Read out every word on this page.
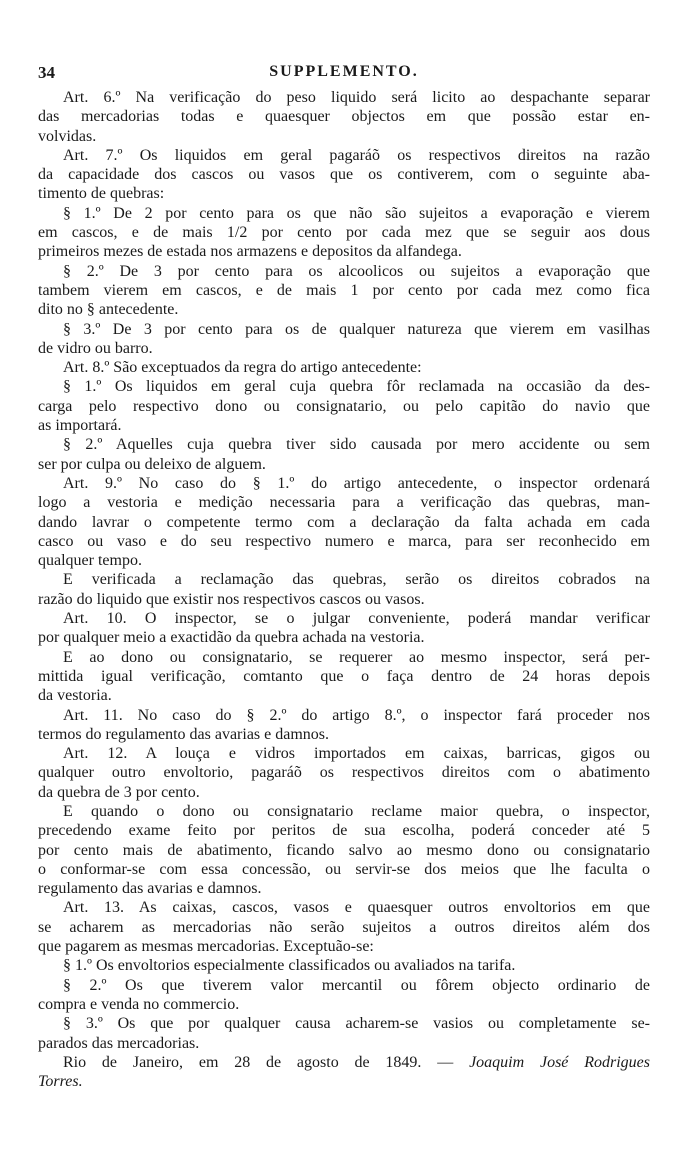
34	SUPPLEMENTO.
Art. 6.º Na verificação do peso liquido será licito ao despachante separar
das mercadorias todas e quaesquer objectos em que possão estar en-
volvidas.
Art. 7.º Os liquidos em geral pagaráõ os respectivos direitos na razão
da capacidade dos cascos ou vasos que os contiverem, com o seguinte aba-
timento de quebras:
§ 1.º De 2 por cento para os que não são sujeitos a evaporação e vierem
em cascos, e de mais 1/2 por cento por cada mez que se seguir aos dous
primeiros mezes de estada nos armazens e depositos da alfandega.
§ 2.º De 3 por cento para os alcoolicos ou sujeitos a evaporação que
tambem vierem em cascos, e de mais 1 por cento por cada mez como fica
dito no § antecedente.
§ 3.º De 3 por cento para os de qualquer natureza que vierem em vasilhas
de vidro ou barro.
Art. 8.º São exceptuados da regra do artigo antecedente:
§ 1.º Os liquidos em geral cuja quebra fôr reclamada na occasião da des-
carga pelo respectivo dono ou consignatario, ou pelo capitão do navio que
as importará.
§ 2.º Aquelles cuja quebra tiver sido causada por mero accidente ou sem
ser por culpa ou deleixo de alguem.
Art. 9.º No caso do § 1.º do artigo antecedente, o inspector ordenará
logo a vestoria e medição necessaria para a verificação das quebras, man-
dando lavrar o competente termo com a declaração da falta achada em cada
casco ou vaso e do seu respectivo numero e marca, para ser reconhecido em
qualquer tempo.
E verificada a reclamação das quebras, serão os direitos cobrados na
razão do liquido que existir nos respectivos cascos ou vasos.
Art. 10. O inspector, se o julgar conveniente, poderá mandar verificar
por qualquer meio a exactidão da quebra achada na vestoria.
E ao dono ou consignatario, se requerer ao mesmo inspector, será per-
mittida igual verificação, comtanto que o faça dentro de 24 horas depois
da vestoria.
Art. 11. No caso do § 2.º do artigo 8.º, o inspector fará proceder nos
termos do regulamento das avarias e damnos.
Art. 12. A louça e vidros importados em caixas, barricas, gigos ou
qualquer outro envoltorio, pagaráõ os respectivos direitos com o abatimento
da quebra de 3 por cento.
E quando o dono ou consignatario reclame maior quebra, o inspector,
precedendo exame feito por peritos de sua escolha, poderá conceder até 5
por cento mais de abatimento, ficando salvo ao mesmo dono ou consignatario
o conformar-se com essa concessão, ou servir-se dos meios que lhe faculta o
regulamento das avarias e damnos.
Art. 13. As caixas, cascos, vasos e quaesquer outros envoltorios em que
se acharem as mercadorias não serão sujeitos a outros direitos além dos
que pagarem as mesmas mercadorias. Exceptuão-se:
§ 1.º Os envoltorios especialmente classificados ou avaliados na tarifa.
§ 2.º Os que tiverem valor mercantil ou fôrem objecto ordinario de
compra e venda no commercio.
§ 3.º Os que por qualquer causa acharem-se vasios ou completamente se-
parados das mercadorias.
Rio de Janeiro, em 28 de agosto de 1849. — Joaquim José Rodrigues
Torres.
